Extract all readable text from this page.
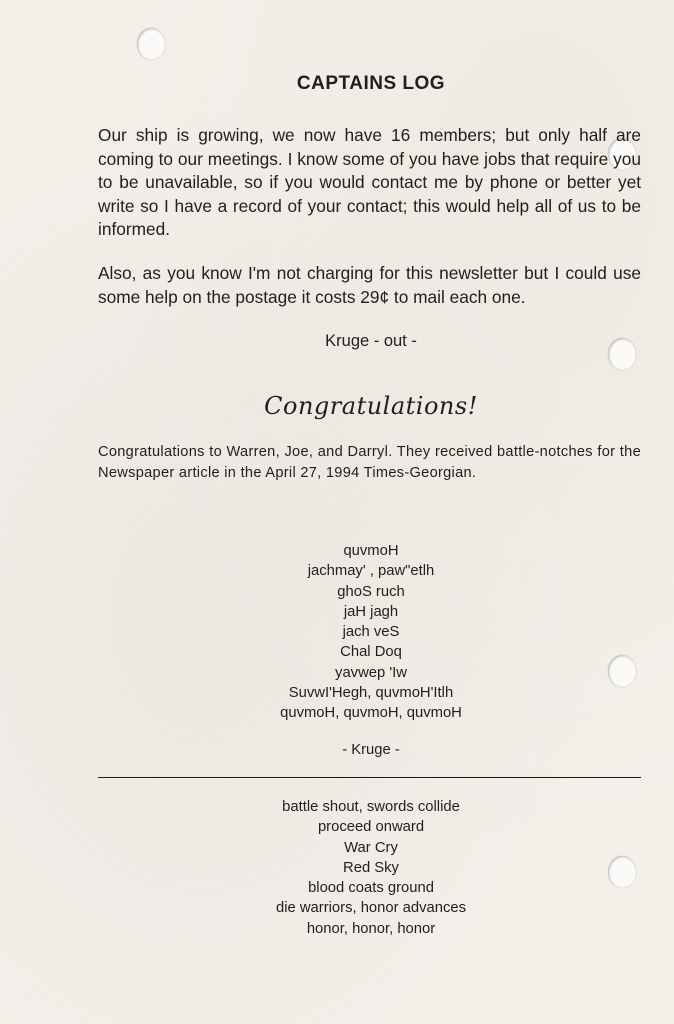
CAPTAINS LOG

Our ship is growing, we now have 16 members; but only half are coming to our meetings. I know some of you have jobs that require you to be unavailable, so if you would contact me by phone or better yet write so I have a record of your contact; this would help all of us to be informed.

Also, as you know I'm not charging for this newsletter but I could use some help on the postage it costs 29¢ to mail each one.

Kruge - out -
Congratulations!

Congratulations to Warren, Joe, and Darryl. They received battle-notches for the Newspaper article in the April 27, 1994 Times-Georgian.

quvmoH
jachmay' , paw"etlh
ghoS ruch
jaH jagh
jach veS
Chal Doq
yavwep 'Iw
SuvwI'Hegh, quvmoH'Itlh
quvmoH, quvmoH, quvmoH
- Kruge -
battle shout, swords collide
proceed onward
War Cry
Red Sky
blood coats ground
die warriors, honor advances
honor, honor, honor
